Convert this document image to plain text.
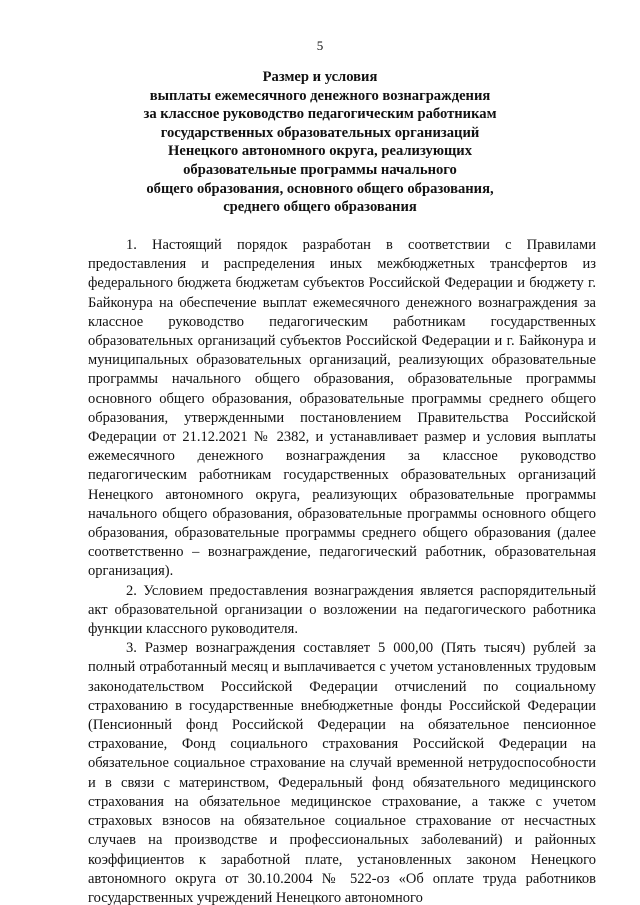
5
Размер и условия
выплаты ежемесячного денежного вознаграждения
за классное руководство педагогическим работникам
государственных образовательных организаций
Ненецкого автономного округа, реализующих
образовательные программы начального
общего образования, основного общего образования,
среднего общего образования

1. Настоящий порядок разработан в соответствии с Правилами предоставления и распределения иных межбюджетных трансфертов из федерального бюджета бюджетам субъектов Российской Федерации и бюджету г. Байконура на обеспечение выплат ежемесячного денежного вознаграждения за классное руководство педагогическим работникам государственных образовательных организаций субъектов Российской Федерации и г. Байконура и муниципальных образовательных организаций, реализующих образовательные программы начального общего образования, образовательные программы основного общего образования, образовательные программы среднего общего образования, утвержденными постановлением Правительства Российской Федерации от 21.12.2021 № 2382, и устанавливает размер и условия выплаты ежемесячного денежного вознаграждения за классное руководство педагогическим работникам государственных образовательных организаций Ненецкого автономного округа, реализующих образовательные программы начального общего образования, образовательные программы основного общего образования, образовательные программы среднего общего образования (далее соответственно – вознаграждение, педагогический работник, образовательная организация).

2. Условием предоставления вознаграждения является распорядительный акт образовательной организации о возложении на педагогического работника функции классного руководителя.

3. Размер вознаграждения составляет 5 000,00 (Пять тысяч) рублей за полный отработанный месяц и выплачивается с учетом установленных трудовым законодательством Российской Федерации отчислений по социальному страхованию в государственные внебюджетные фонды Российской Федерации (Пенсионный фонд Российской Федерации на обязательное пенсионное страхование, Фонд социального страхования Российской Федерации на обязательное социальное страхование на случай временной нетрудоспособности и в связи с материнством, Федеральный фонд обязательного медицинского страхования на обязательное медицинское страхование, а также с учетом страховых взносов на обязательное социальное страхование от несчастных случаев на производстве и профессиональных заболеваний) и районных коэффициентов к заработной плате, установленных законом Ненецкого автономного округа от 30.10.2004 № 522-оз «Об оплате труда работников государственных учреждений Ненецкого автономного
